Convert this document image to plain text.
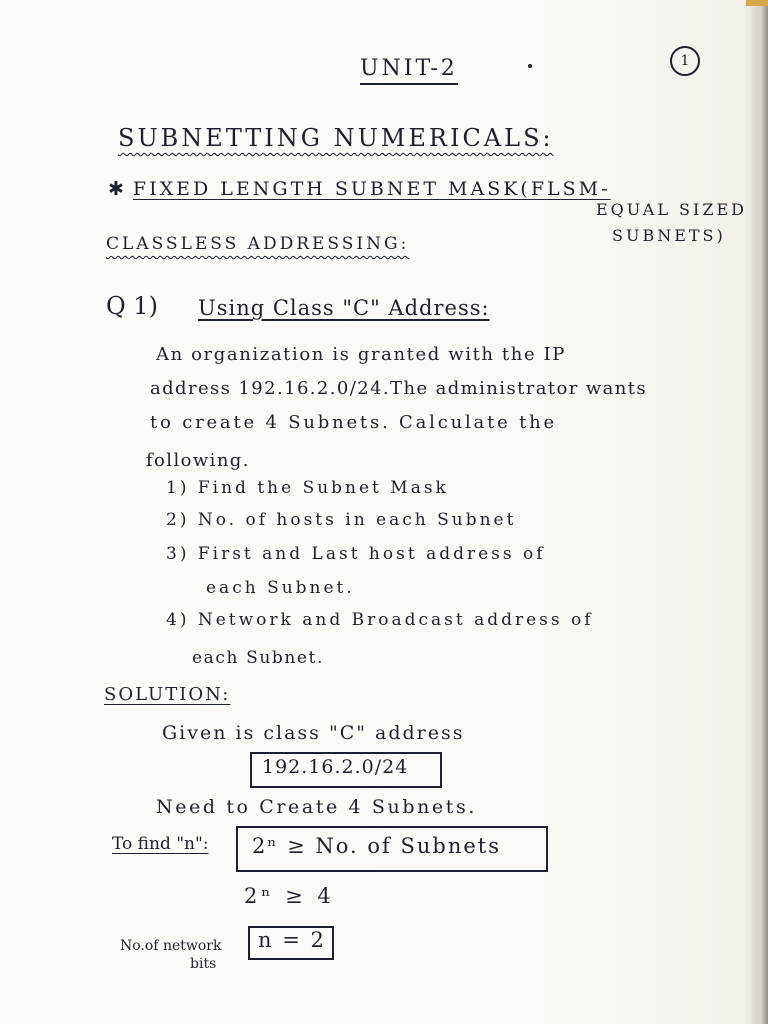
UNIT-2	1
SUBNETTING NUMERICALS:
✱ FIXED LENGTH SUBNET MASK(FLSM-
EQUAL SIZED
SUBNETS)
CLASSLESS ADDRESSING:
Q 1) Using Class "C" Address:
An organization is granted with the IP
address 192.16.2.0/24.The administrator wants
to create 4 Subnets. Calculate the
following.
1) Find the Subnet Mask
2) No. of hosts in each Subnet
3) First and Last host address of
each Subnet.
4) Network and Broadcast address of
each Subnet.
SOLUTION:
Given is class "C" address
192.16.2.0/24
Need to Create 4 Subnets.
To find "n": 2ⁿ ≥ No. of Subnets
2ⁿ ≥ 4
No.of network
bits
n = 2
